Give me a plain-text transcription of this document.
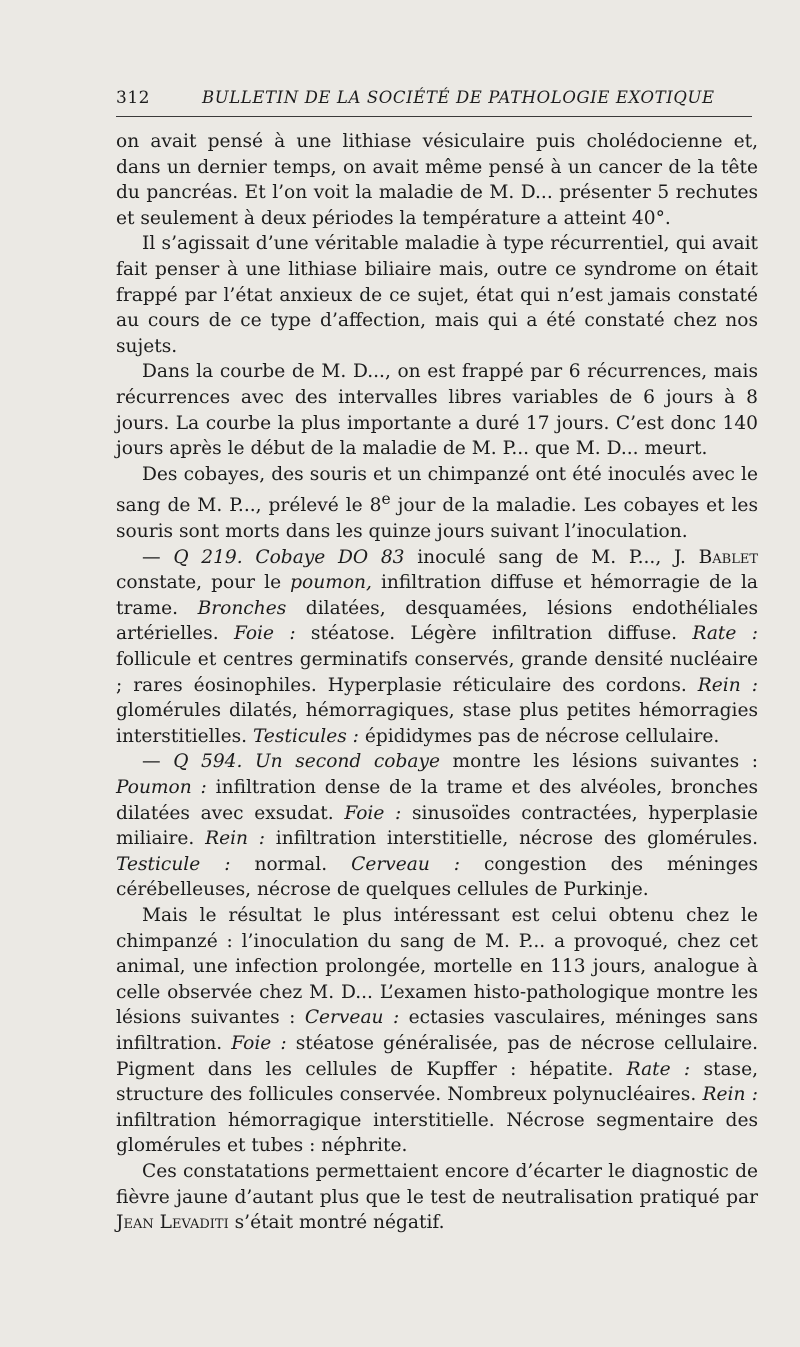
312	BULLETIN DE LA SOCIÉTÉ DE PATHOLOGIE EXOTIQUE

on avait pensé à une lithiase vésiculaire puis cholédocienne et, dans un dernier temps, on avait même pensé à un cancer de la tête du pancréas. Et l’on voit la maladie de M. D... présenter 5 rechutes et seulement à deux périodes la température a atteint 40°.

Il s’agissait d’une véritable maladie à type récurrentiel, qui avait fait penser à une lithiase biliaire mais, outre ce syndrome on était frappé par l’état anxieux de ce sujet, état qui n’est jamais constaté au cours de ce type d’affection, mais qui a été constaté chez nos sujets.

Dans la courbe de M. D..., on est frappé par 6 récurrences, mais récurrences avec des intervalles libres variables de 6 jours à 8 jours. La courbe la plus importante a duré 17 jours. C’est donc 140 jours après le début de la maladie de M. P... que M. D... meurt.

Des cobayes, des souris et un chimpanzé ont été inoculés avec le sang de M. P..., prélevé le 8e jour de la maladie. Les cobayes et les souris sont morts dans les quinze jours suivant l’inoculation.

— Q 219. Cobaye DO 83 inoculé sang de M. P..., J. Bablet constate, pour le poumon, infiltration diffuse et hémorragie de la trame. Bronches dilatées, desquamées, lésions endothéliales artérielles. Foie : stéatose. Légère infiltration diffuse. Rate : follicule et centres germinatifs conservés, grande densité nucléaire ; rares éosinophiles. Hyperplasie réticulaire des cordons. Rein : glomérules dilatés, hémorragiques, stase plus petites hémorragies interstitielles. Testicules : épididymes pas de nécrose cellulaire.

— Q 594. Un second cobaye montre les lésions suivantes : Poumon : infiltration dense de la trame et des alvéoles, bronches dilatées avec exsudat. Foie : sinusoïdes contractées, hyperplasie miliaire. Rein : infiltration interstitielle, nécrose des glomérules. Testicule : normal. Cerveau : congestion des méninges cérébelleuses, nécrose de quelques cellules de Purkinje.

Mais le résultat le plus intéressant est celui obtenu chez le chimpanzé : l’inoculation du sang de M. P... a provoqué, chez cet animal, une infection prolongée, mortelle en 113 jours, analogue à celle observée chez M. D... L’examen histo-pathologique montre les lésions suivantes : Cerveau : ectasies vasculaires, méninges sans infiltration. Foie : stéatose généralisée, pas de nécrose cellulaire. Pigment dans les cellules de Kupffer : hépatite. Rate : stase, structure des follicules conservée. Nombreux polynucléaires. Rein : infiltration hémorragique interstitielle. Nécrose segmentaire des glomérules et tubes : néphrite.

Ces constatations permettaient encore d’écarter le diagnostic de fièvre jaune d’autant plus que le test de neutralisation pratiqué par Jean Levaditi s’était montré négatif.
